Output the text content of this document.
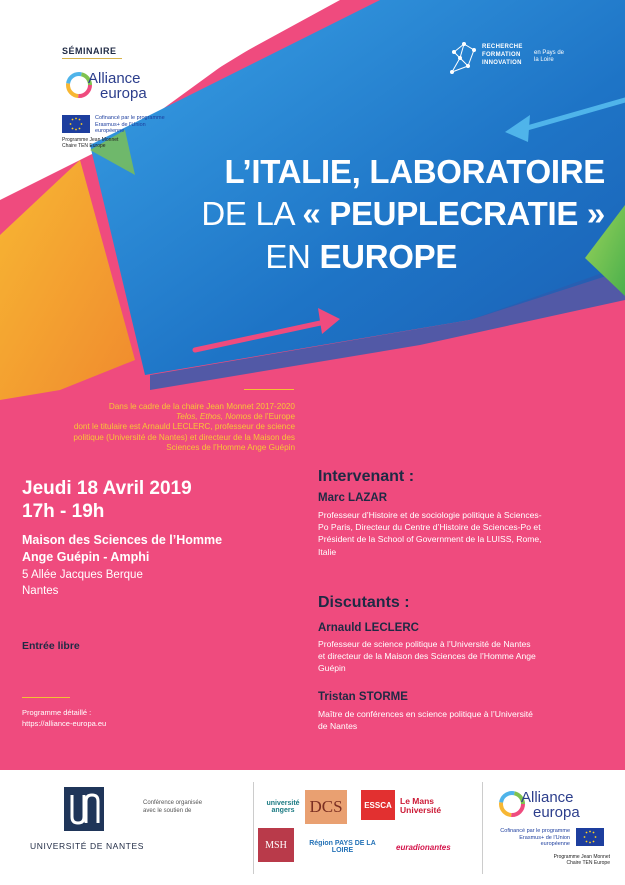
SÉMINAIRE
Alliance
europa
Cofinancé par le programme Erasmus+ de l'Union européenne
Programme Jean Monnet Chaire TEN Europe
RECHERCHE FORMATION INNOVATION
en Pays de la Loire
L’ITALIE, LABORATOIRE
DE LA « PEUPLECRATIE »
EN EUROPE
Dans le cadre de la chaire Jean Monnet 2017-2020
Telos, Ethos, Nomos de l’Europe
dont le titulaire est Arnauld LECLERC, professeur de science
politique (Université de Nantes) et directeur de la Maison des
Sciences de l’Homme Ange Guépin
Jeudi 18 Avril 2019
17h - 19h
Maison des Sciences de l’Homme
Ange Guépin - Amphi
5 Allée Jacques Berque
Nantes
Entrée libre
Programme détaillé :
https://alliance-europa.eu
Intervenant :
Marc LAZAR
Professeur d’Histoire et de sociologie politique à Sciences-
Po Paris, Directeur du Centre d’Histoire de Sciences-Po et
Président de la School of Government de la LUISS, Rome,
Italie
Discutants :
Arnauld LECLERC
Professeur de science politique à l’Université de Nantes
et directeur de la Maison des Sciences de l’Homme Ange
Guépin
Tristan STORME
Maître de conférences en science politique à l’Université
de Nantes
UNIVERSITÉ DE NANTES
Conférence organisée
avec le soutien de
université angers DCS	ESSCA Le Mans
Université
MSH	Région PAYS DE LA LOIRE	euradionantes
Alliance
europa
Cofinancé par le programme Erasmus+ de l'Union européenne
Programme Jean Monnet Chaire TEN Europe
